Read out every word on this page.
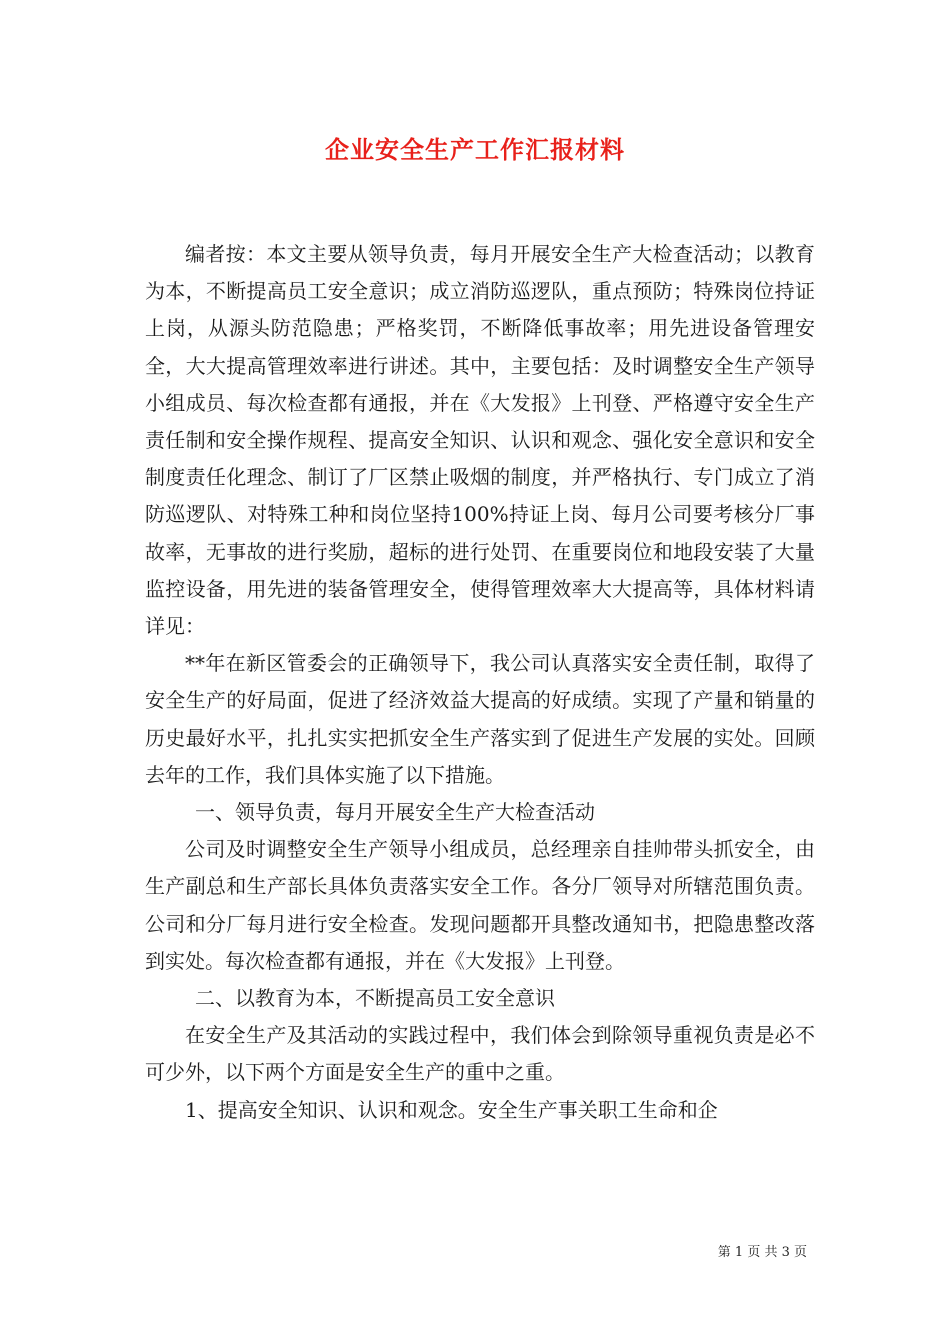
企业安全生产工作汇报材料

编者按：本文主要从领导负责，每月开展安全生产大检查活动；以教育为本，不断提高员工安全意识；成立消防巡逻队，重点预防；特殊岗位持证上岗，从源头防范隐患；严格奖罚，不断降低事故率；用先进设备管理安全，大大提高管理效率进行讲述。其中，主要包括：及时调整安全生产领导小组成员、每次检查都有通报，并在《大发报》上刊登、严格遵守安全生产责任制和安全操作规程、提高安全知识、认识和观念、强化安全意识和安全制度责任化理念、制订了厂区禁止吸烟的制度，并严格执行、专门成立了消防巡逻队、对特殊工种和岗位坚持100%持证上岗、每月公司要考核分厂事故率，无事故的进行奖励，超标的进行处罚、在重要岗位和地段安装了大量监控设备，用先进的装备管理安全，使得管理效率大大提高等，具体材料请详见：

**年在新区管委会的正确领导下，我公司认真落实安全责任制，取得了安全生产的好局面，促进了经济效益大提高的好成绩。实现了产量和销量的历史最好水平，扎扎实实把抓安全生产落实到了促进生产发展的实处。回顾去年的工作，我们具体实施了以下措施。

一、领导负责，每月开展安全生产大检查活动

公司及时调整安全生产领导小组成员，总经理亲自挂帅带头抓安全，由生产副总和生产部长具体负责落实安全工作。各分厂领导对所辖范围负责。公司和分厂每月进行安全检查。发现问题都开具整改通知书，把隐患整改落到实处。每次检查都有通报，并在《大发报》上刊登。

二、以教育为本，不断提高员工安全意识

在安全生产及其活动的实践过程中，我们体会到除领导重视负责是必不可少外，以下两个方面是安全生产的重中之重。

1、提高安全知识、认识和观念。安全生产事关职工生命和企

第 1 页 共 3 页
